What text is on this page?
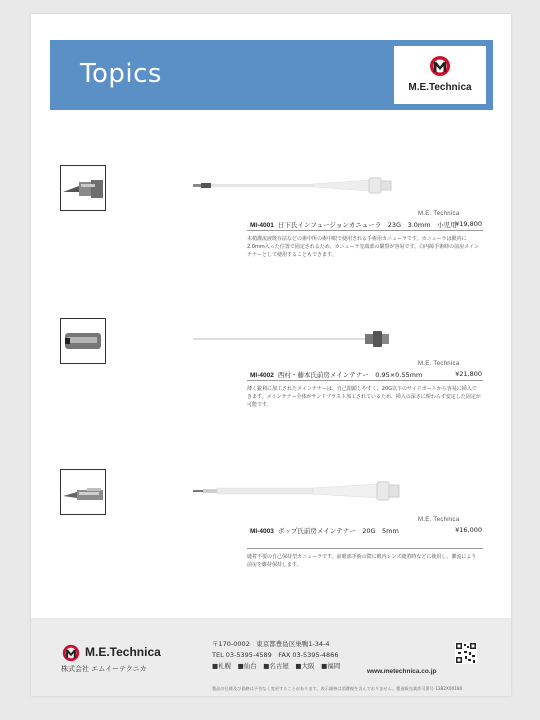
Topics	M.E.Technica
M.E. Technica
MI-4001 日下氏インフュージョンカニューラ　23G　3.0mm　小児用
¥19,800
末梢灌流液既存法などの術中所の術中眼で使用される手術用カニューラです。カニューラは眼内に2.0mm入った位置で固定されるため、カニューラ先端部の観察が容易です。白内障手術時の前房メインテナーとして使用することもできます。
M.E. Technica
MI-4002 西村・藤本氏前房メインテナー　0.95×0.55mm	¥21,800
薄く鋭利に加工されたメインテナーは、自己閉鎖しやすく、20G以下のサイドポートから容易に挿入できます。メインテナー全体がサンドブラスト加工されているため、挿入の深さに関わらず安定した固定が可能です。
M.E. Technica
MI-4003 ボップ氏前房メインテナー　20G　5mm	¥16,000
縫着不要の自己保持型カニューラです。前眼部手術の際に眼内レンズ縫着時などに使用し、灌流により前房を維持保持します。
M.E.Technica
株式会社 エムイーテクニカ
〒170-0002　東京都豊島区巣鴨1-34-4
TEL 03-5395-4589　FAX 03-5395-4866
■札幌　■仙台　■名古屋　■大阪　■福岡
www.metechnica.co.jp
製品の仕様及び価格は予告なく変更することがあります。表示価格は消費税を含んでおりません。製造販売業許可番号 13B2X00180
